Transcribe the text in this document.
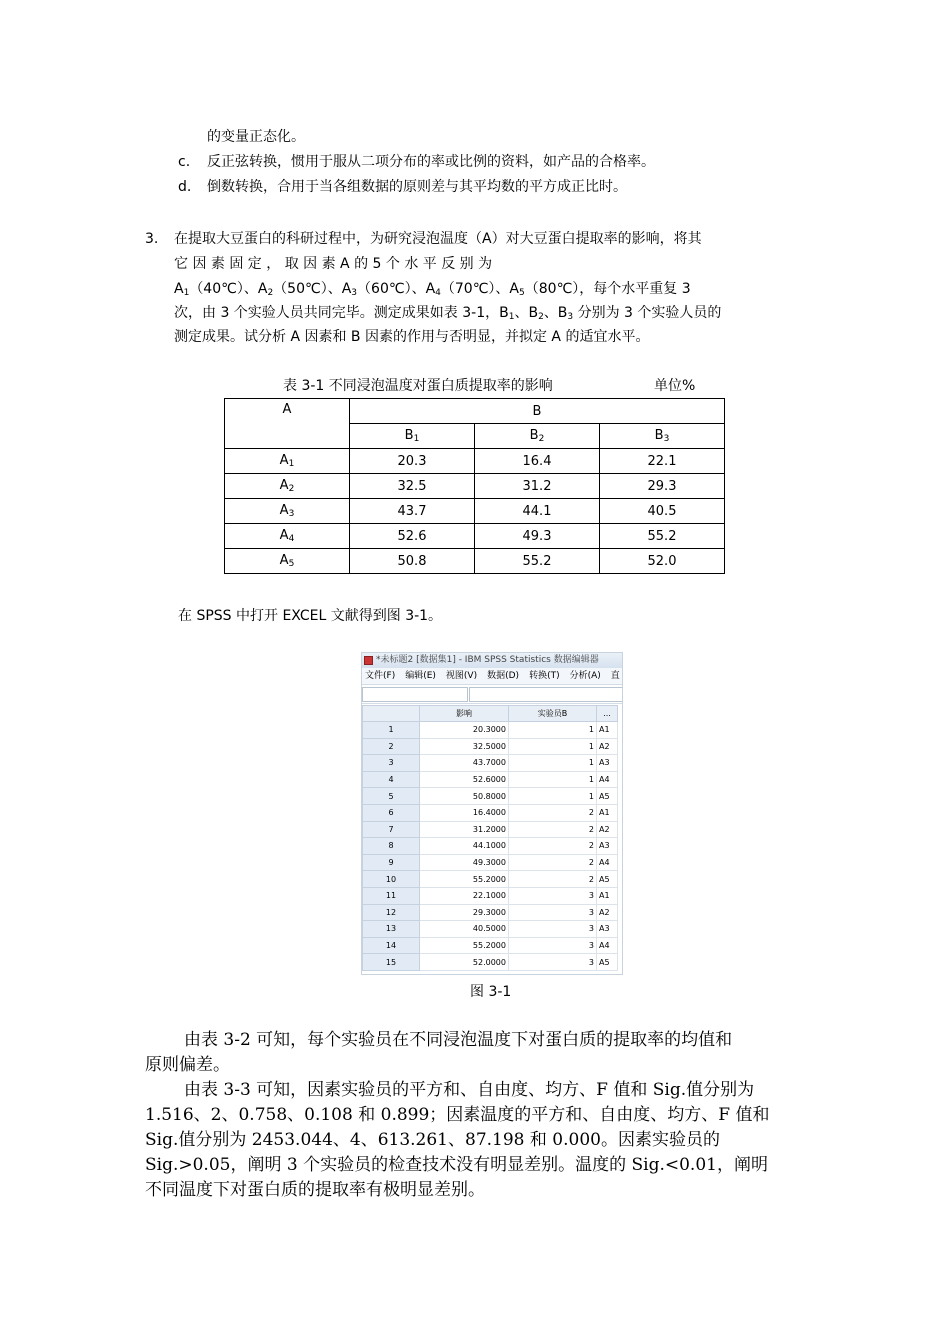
的变量正态化。
c. 反正弦转换，惯用于服从二项分布的率或比例的资料，如产品的合格率。
d. 倒数转换，合用于当各组数据的原则差与其平均数的平方成正比时。
3. 在提取大豆蛋白的科研过程中，为研究浸泡温度（A）对大豆蛋白提取率的影响，将其
它 因 素 固 定 ， 取 因 素 A 的 5 个 水 平 反 别 为
$A_1(40℃)$、$A_2(50℃)$、$A_3(60℃)$、$A_4(70℃)$、$A_5(80℃)$，每个水平重复 3
次，由 3 个实验人员共同完毕。测定成果如表 3-1，$B_1$、$B_2$、$B_3$ 分别为 3 个实验人员的
测定成果。试分析 A 因素和 B 因素的作用与否明显，并拟定 A 的适宜水平。
表 3-1 不同浸泡温度对蛋白质提取率的影响	单位%
A	B		
	$B_1$	$B_2$	$B_3$
$A_1$	20.3	16.4	22.1
$A_2$	32.5	31.2	29.3
$A_3$	43.7	44.1	40.5
$A_4$	52.6	49.3	55.2
$A_5$	50.8	55.2	52.0
在 SPSS 中打开 EXCEL 文献得到图 3-1。
*未标题2 [数据集1] - IBM SPSS Statistics 数据编辑器
文件(F) 编辑(E) 视图(V) 数据(D) 转换(T) 分析(A) 直
	影响	实验员B	...
1	20.3000	1	A1
2	32.5000	1	A2
3	43.7000	1	A3
4	52.6000	1	A4
5	50.8000	1	A5
6	16.4000	2	A1
7	31.2000	2	A2
8	44.1000	2	A3
9	49.3000	2	A4
10	55.2000	2	A5
11	22.1000	3	A1
12	29.3000	3	A2
13	40.5000	3	A3
14	55.2000	3	A4
15	52.0000	3	A5
图 3-1
由表 3-2 可知，每个实验员在不同浸泡温度下对蛋白质的提取率的均值和
原则偏差。
由表 3-3 可知，因素实验员的平方和、自由度、均方、F 值和 Sig.值分别为
1.516、2、0.758、0.108 和 0.899；因素温度的平方和、自由度、均方、F 值和
Sig.值分别为 2453.044、4、613.261、87.198 和 0.000。因素实验员的
Sig.>0.05，阐明 3 个实验员的检查技术没有明显差别。温度的 Sig.<0.01，阐明
不同温度下对蛋白质的提取率有极明显差别。
